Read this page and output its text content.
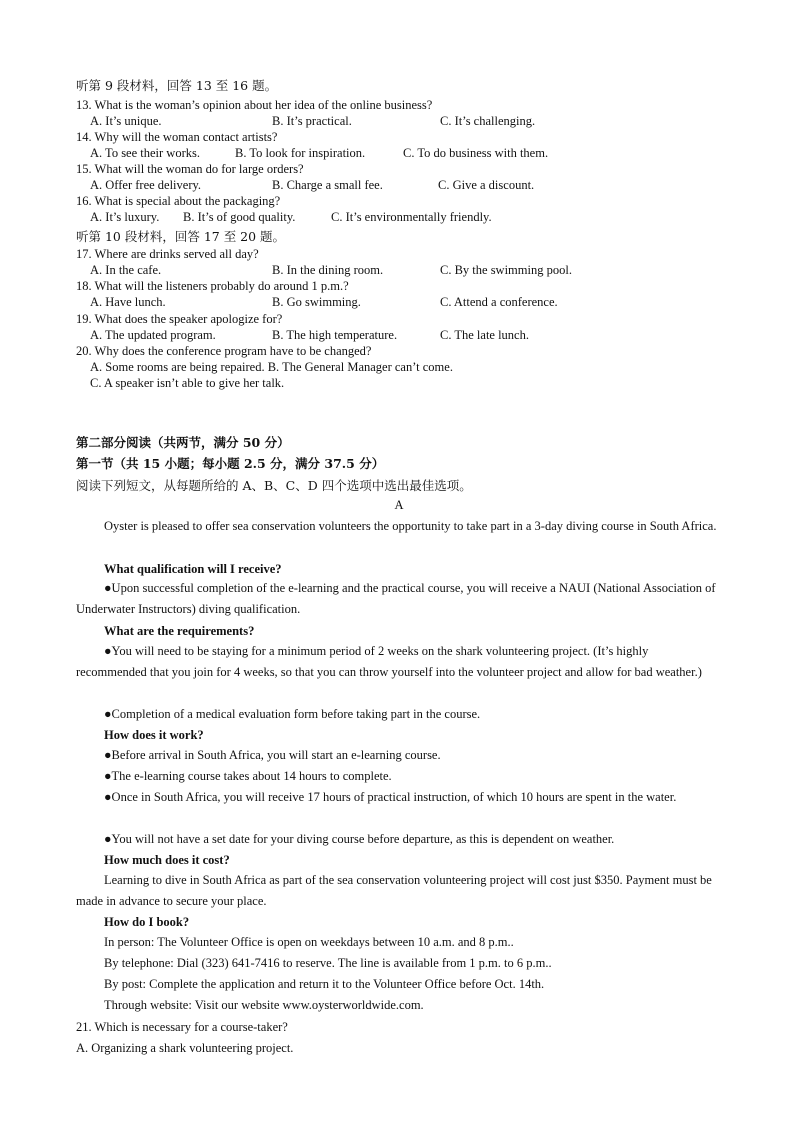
听第 9 段材料，回答 13 至 16 题。
13. What is the woman’s opinion about her idea of the online business?
A. It’s unique.	B. It’s practical.	C. It’s challenging.
14. Why will the woman contact artists?
A. To see their works.	B. To look for inspiration.	C. To do business with them.
15. What will the woman do for large orders?
A. Offer free delivery.	B. Charge a small fee.	C. Give a discount.
16. What is special about the packaging?
A. It’s luxury. B. It’s of good quality.	C. It’s environmentally friendly.
听第 10 段材料，回答 17 至 20 题。
17. Where are drinks served all day?
A. In the cafe.	B. In the dining room.	C. By the swimming pool.
18. What will the listeners probably do around 1 p.m.?
A. Have lunch.	B. Go swimming.	C. Attend a conference.
19. What does the speaker apologize for?
A. The updated program.	B. The high temperature.	C. The late lunch.
20. Why does the conference program have to be changed?
A. Some rooms are being repaired. B. The General Manager can’t come.
C. A speaker isn’t able to give her talk.
第二部分阅读（共两节，满分 50 分）
第一节（共 15 小题；每小题 2.5 分，满分 37.5 分）
阅读下列短文，从每题所给的 A、B、C、D 四个选项中选出最佳选项。
A
Oyster is pleased to offer sea conservation volunteers the opportunity to take part in a 3-day diving course in South Africa.
What qualification will I receive?
●Upon successful completion of the e-learning and the practical course, you will receive a NAUI (National Association of Underwater Instructors) diving qualification.
What are the requirements?
●You will need to be staying for a minimum period of 2 weeks on the shark volunteering project. (It’s highly recommended that you join for 4 weeks, so that you can throw yourself into the volunteer project and allow for bad weather.)
●Completion of a medical evaluation form before taking part in the course.
How does it work?
●Before arrival in South Africa, you will start an e-learning course.
●The e-learning course takes about 14 hours to complete.
●Once in South Africa, you will receive 17 hours of practical instruction, of which 10 hours are spent in the water.
●You will not have a set date for your diving course before departure, as this is dependent on weather.
How much does it cost?
Learning to dive in South Africa as part of the sea conservation volunteering project will cost just $350. Payment must be made in advance to secure your place.
How do I book?
In person: The Volunteer Office is open on weekdays between 10 a.m. and 8 p.m..
By telephone: Dial (323) 641-7416 to reserve. The line is available from 1 p.m. to 6 p.m..
By post: Complete the application and return it to the Volunteer Office before Oct. 14th.
Through website: Visit our website www.oysterworldwide.com.
21. Which is necessary for a course-taker?
A. Organizing a shark volunteering project.
